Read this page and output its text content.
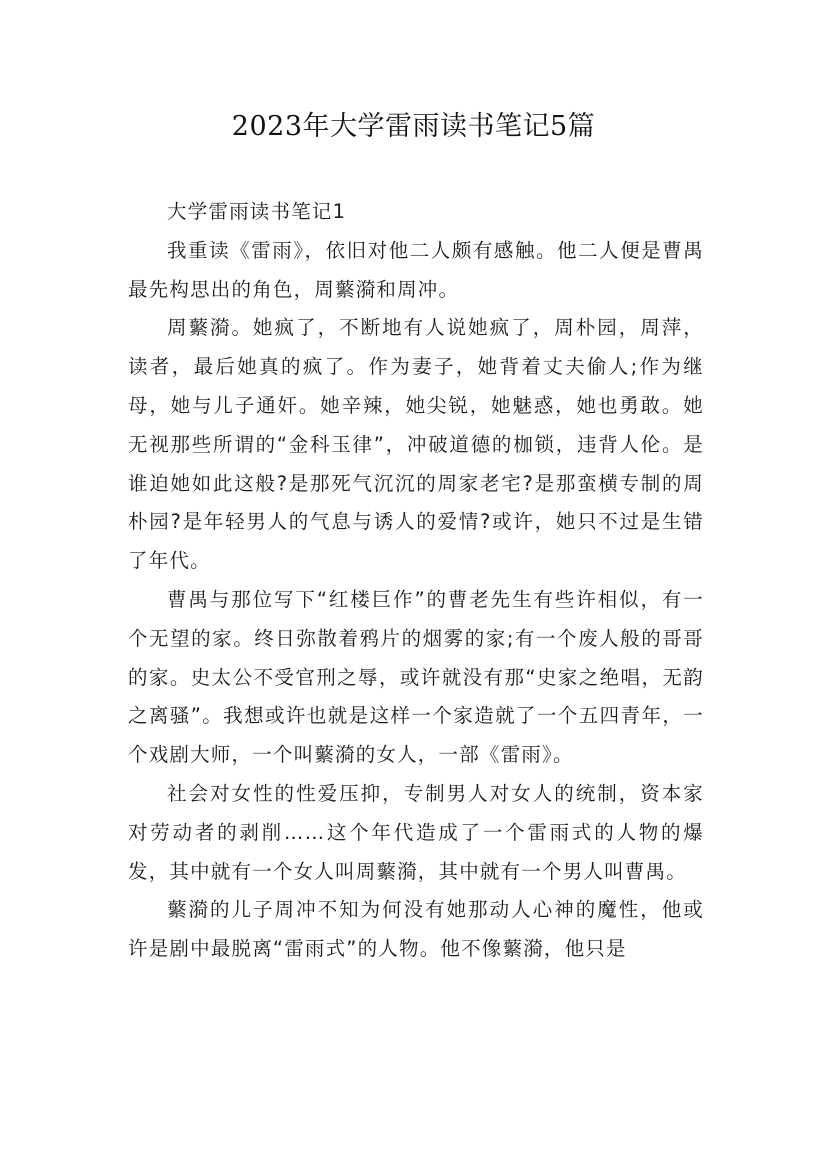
2023年大学雷雨读书笔记5篇

大学雷雨读书笔记1

我重读《雷雨》，依旧对他二人颇有感触。他二人便是曹禺最先构思出的角色，周蘩漪和周冲。

周蘩漪。她疯了，不断地有人说她疯了，周朴园，周萍，读者，最后她真的疯了。作为妻子，她背着丈夫偷人;作为继母，她与儿子通奸。她辛辣，她尖锐，她魅惑，她也勇敢。她无视那些所谓的“金科玉律”，冲破道德的枷锁，违背人伦。是谁迫她如此这般?是那死气沉沉的周家老宅?是那蛮横专制的周朴园?是年轻男人的气息与诱人的爱情?或许，她只不过是生错了年代。

曹禺与那位写下“红楼巨作”的曹老先生有些许相似，有一个无望的家。终日弥散着鸦片的烟雾的家;有一个废人般的哥哥的家。史太公不受官刑之辱，或许就没有那“史家之绝唱，无韵之离骚”。我想或许也就是这样一个家造就了一个五四青年，一个戏剧大师，一个叫蘩漪的女人，一部《雷雨》。

社会对女性的性爱压抑，专制男人对女人的统制，资本家对劳动者的剥削……这个年代造成了一个雷雨式的人物的爆发，其中就有一个女人叫周蘩漪，其中就有一个男人叫曹禺。

蘩漪的儿子周冲不知为何没有她那动人心神的魔性，他或许是剧中最脱离“雷雨式”的人物。他不像蘩漪，他只是
